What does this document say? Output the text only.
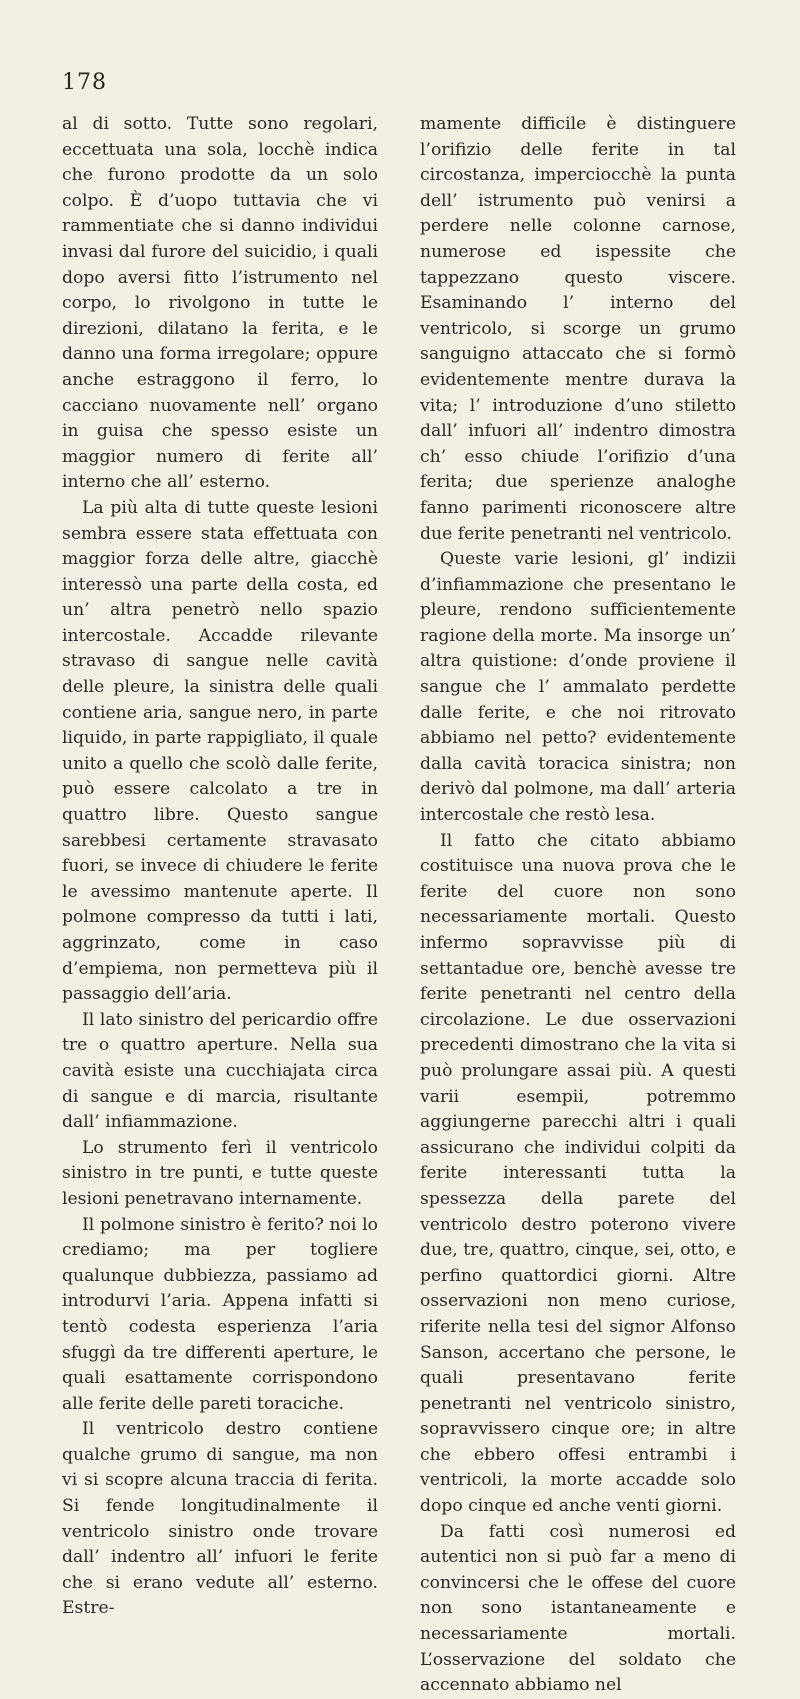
178

al di sotto. Tutte sono regolari, eccettuata una sola, locchè indica che furono prodotte da un solo colpo. È d’uopo tuttavia che vi rammentiate che si danno individui invasi dal furore del suicidio, i quali dopo aversi fitto l’istrumento nel corpo, lo rivolgono in tutte le direzioni, dilatano la ferita, e le danno una forma irregolare; oppure anche estraggono il ferro, lo cacciano nuovamente nell’ organo in guisa che spesso esiste un maggior numero di ferite all’ interno che all’ esterno.

La più alta di tutte queste lesioni sembra essere stata effettuata con maggior forza delle altre, giacchè interessò una parte della costa, ed un’ altra penetrò nello spazio intercostale. Accadde rilevante stravaso di sangue nelle cavità delle pleure, la sinistra delle quali contiene aria, sangue nero, in parte liquido, in parte rappigliato, il quale unito a quello che scolò dalle ferite, può essere calcolato a tre in quattro libre. Questo sangue sarebbesi certamente stravasato fuori, se invece di chiudere le ferite le avessimo mantenute aperte. Il polmone compresso da tutti i lati, aggrinzato, come in caso d’empiema, non permetteva più il passaggio dell’aria.

Il lato sinistro del pericardio offre tre o quattro aperture. Nella sua cavità esiste una cucchiajata circa di sangue e di marcia, risultante dall’ infiammazione.

Lo strumento ferì il ventricolo sinistro in tre punti, e tutte queste lesioni penetravano internamente.

Il polmone sinistro è ferito? noi lo crediamo; ma per togliere qualunque dubbiezza, passiamo ad introdurvi l’aria. Appena infatti si tentò codesta esperienza l’aria sfuggì da tre differenti aperture, le quali esattamente corrispondono alle ferite delle pareti toraciche.

Il ventricolo destro contiene qualche grumo di sangue, ma non vi si scopre alcuna traccia di ferita. Si fende longitudinalmente il ventricolo sinistro onde trovare dall’ indentro all’ infuori le ferite che si erano vedute all’ esterno. Estre-

mamente difficile è distinguere l’orifizio delle ferite in tal circostanza, imperciocchè la punta dell’ istrumento può venirsi a perdere nelle colonne carnose, numerose ed ispessite che tappezzano questo viscere. Esaminando l’ interno del ventricolo, si scorge un grumo sanguigno attaccato che si formò evidentemente mentre durava la vita; l’ introduzione d’uno stiletto dall’ infuori all’ indentro dimostra ch’ esso chiude l’orifizio d’una ferita; due sperienze analoghe fanno parimenti riconoscere altre due ferite penetranti nel ventricolo.

Queste varie lesioni, gl’ indizii d’infiammazione che presentano le pleure, rendono sufficientemente ragione della morte. Ma insorge un’ altra quistione: d’onde proviene il sangue che l’ ammalato perdette dalle ferite, e che noi ritrovato abbiamo nel petto? evidentemente dalla cavità toracica sinistra; non derivò dal polmone, ma dall’ arteria intercostale che restò lesa.

Il fatto che citato abbiamo costituisce una nuova prova che le ferite del cuore non sono necessariamente mortali. Questo infermo sopravvisse più di settantadue ore, benchè avesse tre ferite penetranti nel centro della circolazione. Le due osservazioni precedenti dimostrano che la vita si può prolungare assai più. A questi varii esempii, potremmo aggiungerne parecchi altri i quali assicurano che individui colpiti da ferite interessanti tutta la spessezza della parete del ventricolo destro poterono vivere due, tre, quattro, cinque, sei, otto, e perfino quattordici giorni. Altre osservazioni non meno curiose, riferite nella tesi del signor Alfonso Sanson, accertano che persone, le quali presentavano ferite penetranti nel ventricolo sinistro, sopravvissero cinque ore; in altre che ebbero offesi entrambi i ventricoli, la morte accadde solo dopo cinque ed anche venti giorni.

Da fatti così numerosi ed autentici non si può far a meno di convincersi che le offese del cuore non sono istantaneamente e necessariamente mortali. L’osservazione del soldato che accennato abbiamo nel
